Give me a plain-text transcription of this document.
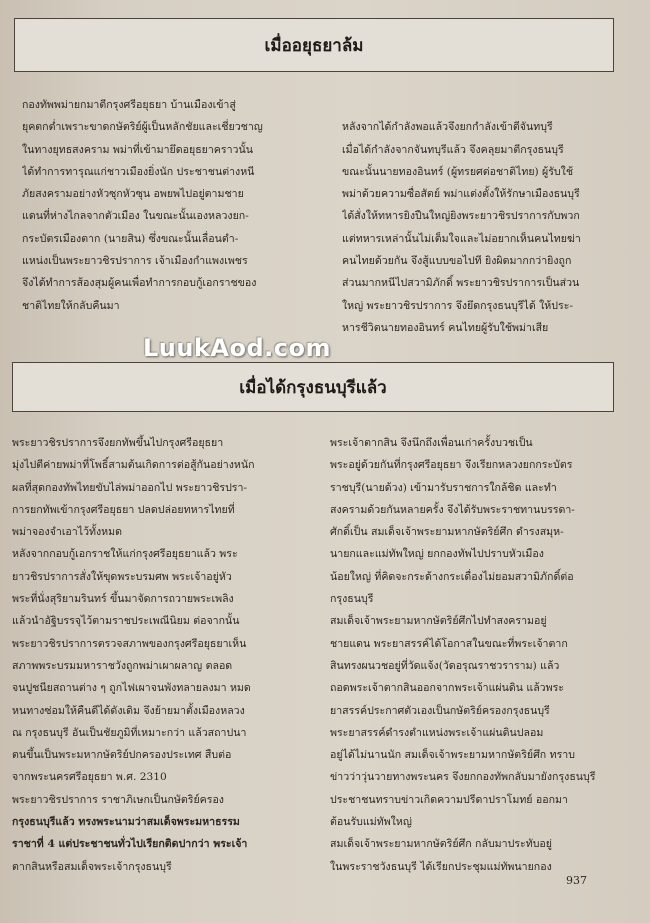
เมื่ออยุธยาล้ม
กองทัพพม่ายกมาตีกรุงศรีอยุธยา บ้านเมืองเข้าสู่
ยุคตกต่ำเพราะขาดกษัตริย์ผู้เป็นหลักชัยและเชี่ยวชาญ
ในทางยุทธสงคราม พม่าที่เข้ามายึดอยุธยาคราวนั้น
ได้ทำการทารุณแก่ชาวเมืองยิ่งนัก ประชาชนต่างหนี
ภัยสงครามอย่างหัวซุกหัวซุน อพยพไปอยู่ตามชาย
แดนที่ห่างไกลจากตัวเมือง ในขณะนั้นเองหลวงยก-
กระบัตรเมืองตาก (นายสิน) ซึ่งขณะนั้นเลื่อนตำ-
แหน่งเป็นพระยาวชิรปราการ เจ้าเมืองกำแพงเพชร
จึงได้ทำการส้องสุมผู้คนเพื่อทำการกอบกู้เอกราชของ
ชาติไทยให้กลับคืนมา

หลังจากได้กำลังพอแล้วจึงยกกำลังเข้าตีจันทบุรี
เมื่อได้กำลังจากจันทบุรีแล้ว จึงคลุยมาตีกรุงธนบุรี
ขณะนั้นนายทองอินทร์ (ผู้ทรยศต่อชาติไทย) ผู้รับใช้
พม่าด้วยความซื่อสัตย์ พม่าแต่งตั้งให้รักษาเมืองธนบุรี
ได้สั่งให้ทหารยิงปืนใหญ่ยิงพระยาวชิรปราการกับพวก
แต่ทหารเหล่านั้นไม่เต็มใจและไม่อยากเห็นคนไทยฆ่า
คนไทยด้วยกัน จึงสู้แบบขอไปที ยิงผิดมากกว่ายิงถูก
ส่วนมากหนีไปสวามิภักดิ์ พระยาวชิรปราการเป็นส่วน
ใหญ่ พระยาวชิรปราการ จึงยึดกรุงธนบุรีได้ ให้ประ-
หารชีวิตนายทองอินทร์ คนไทยผู้รับใช้พม่าเสีย
LuukAod.com
เมื่อได้กรุงธนบุรีแล้ว
พระยาวชิรปราการจึงยกทัพขึ้นไปกรุงศรีอยุธยา
มุ่งไปตีค่ายพม่าที่โพธิ์สามต้นเกิดการต่อสู้กันอย่างหนัก
ผลที่สุดกองทัพไทยขับไล่พม่าออกไป พระยาวชิรปรา-
การยกทัพเข้ากรุงศรีอยุธยา ปลดปล่อยทหารไทยที่
พม่าจองจำเอาไว้ทั้งหมด
หลังจากกอบกู้เอกราชให้แก่กรุงศรีอยุธยาแล้ว พระ
ยาวชิรปราการสั่งให้ขุดพระบรมศพ พระเจ้าอยู่หัว
พระที่นั่งสุริยามรินทร์ ขึ้นมาจัดการถวายพระเพลิง
แล้วนำอัฐิบรรจุไว้ตามราชประเพณีนิยม ต่อจากนั้น
พระยาวชิรปราการตรวจสภาพของกรุงศรีอยุธยาเห็น
สภาพพระบรมมหาราชวังถูกพม่าเผาผลาญ ตลอด
จนปูชนียสถานต่าง ๆ ถูกไฟเผาจนพังทลายลงมา หมด
หนทางซ่อมให้คืนดีได้ดังเดิม จึงย้ายมาตั้งเมืองหลวง
ณ กรุงธนบุรี อันเป็นชัยภูมิที่เหมาะกว่า แล้วสถาปนา
ตนขึ้นเป็นพระมหากษัตริย์ปกครองประเทศ สืบต่อ
จากพระนครศรีอยุธยา พ.ศ. 2310
พระยาวชิรปราการ ราชาภิเษกเป็นกษัตริย์ครอง
กรุงธนบุรีแล้ว ทรงพระนามว่าสมเด็จพระมหาธรรม
ราชาที่ 4 แต่ประชาชนทั่วไปเรียกติดปากว่า พระเจ้า
ตากสินหรือสมเด็จพระเจ้ากรุงธนบุรี
พระเจ้าตากสิน จึงนึกถึงเพื่อนเก่าครั้งบวชเป็น
พระอยู่ด้วยกันที่กรุงศรีอยุธยา จึงเรียกหลวงยกกระบัตร
ราชบุรี(นายด้วง) เข้ามารับราชการใกล้ชิด และทำ
สงครามด้วยกันหลายครั้ง จึงได้รับพระราชทานบรรดา-
ศักดิ์เป็น สมเด็จเจ้าพระยามหากษัตริย์ศึก ดำรงสมุห-
นายกและแม่ทัพใหญ่ ยกกองทัพไปปราบหัวเมือง
น้อยใหญ่ ที่คิดจะกระด้างกระเดื่องไม่ยอมสวามิภักดิ์ต่อ
กรุงธนบุรี
สมเด็จเจ้าพระยามหากษัตริย์ศึกไปทำสงครามอยู่
ชายแดน พระยาสรรค์ได้โอกาสในขณะที่พระเจ้าตาก
สินทรงผนวชอยู่ที่วัดแจ้ง(วัดอรุณราชวราราม) แล้ว
ถอดพระเจ้าตากสินออกจากพระเจ้าแผ่นดิน แล้วพระ
ยาสรรค์ประกาศตัวเองเป็นกษัตริย์ครองกรุงธนบุรี
พระยาสรรค์ดำรงตำแหน่งพระเจ้าแผ่นดินปลอม
อยู่ได้ไม่นานนัก สมเด็จเจ้าพระยามหากษัตริย์ศึก ทราบ
ข่าวว่าวุ่นวายทางพระนคร จึงยกกองทัพกลับมายังกรุงธนบุรี
ประชาชนทราบข่าวเกิดความปรีดาปราโมทย์ ออกมา
ต้อนรับแม่ทัพใหญ่
สมเด็จเจ้าพระยามหากษัตริย์ศึก กลับมาประทับอยู่
ในพระราชวังธนบุรี ได้เรียกประชุมแม่ทัพนายกอง
937
